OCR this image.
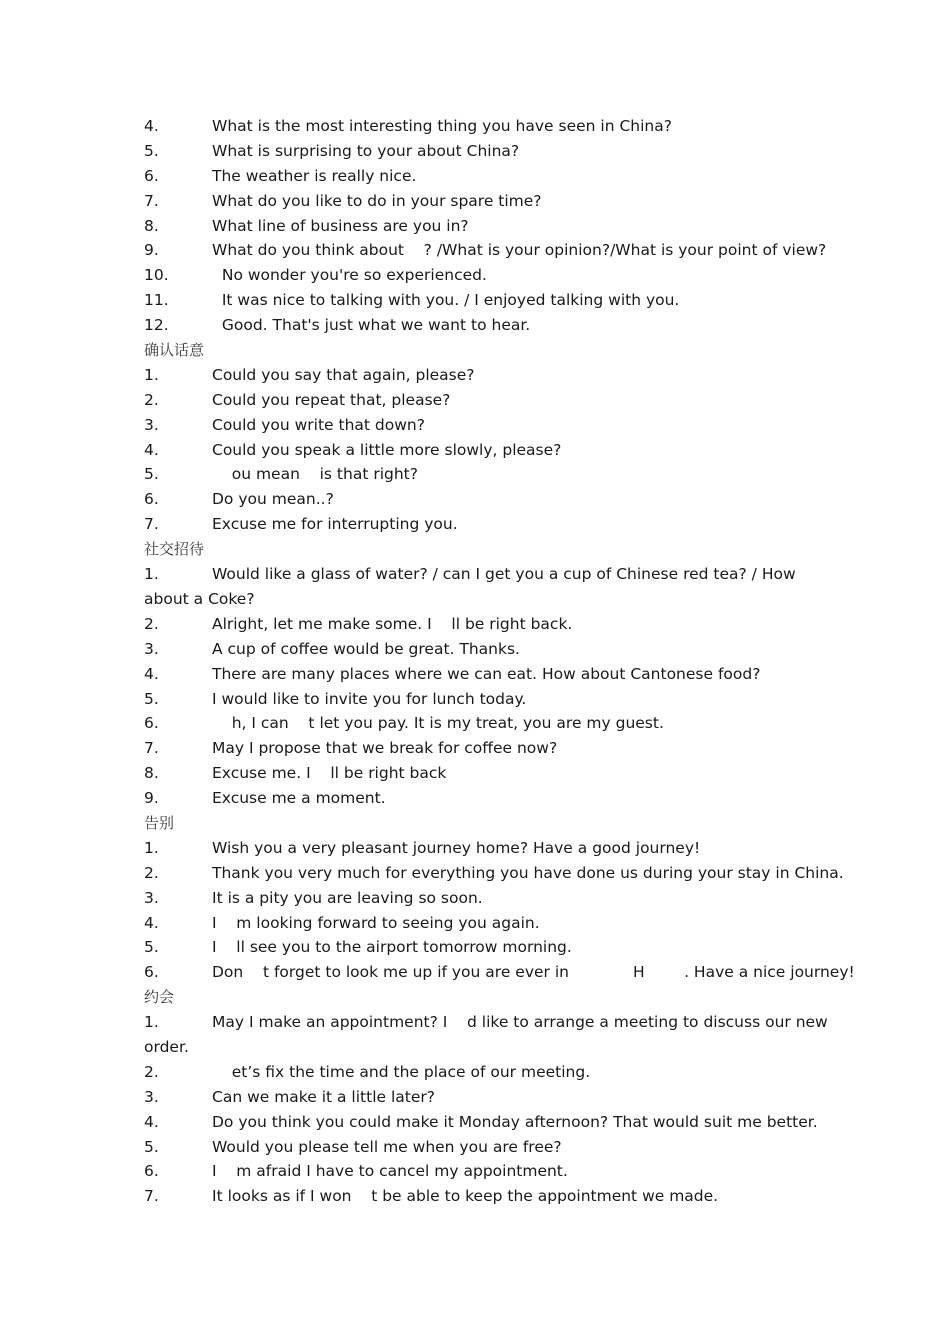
4.	What is the most interesting thing you have seen in China?
5.	What is surprising to your about China?
6.	The weather is really nice.
7.	What do you like to do in your spare time?
8.	What line of business are you in?
9.	What do you think about    ? /What is your opinion?/What is your point of view?
10.	No wonder you're so experienced.
11.	It was nice to talking with you. / I enjoyed talking with you.
12.	Good. That's just what we want to hear.
确认话意
1.	Could you say that again, please?
2.	Could you repeat that, please?
3.	Could you write that down?
4.	Could you speak a little more slowly, please?
5.	ou mean    is that right?
6.	Do you mean..?
7.	Excuse me for interrupting you.
社交招待
1.	Would like a glass of water? / can I get you a cup of Chinese red tea? / How about a Coke?
2.	Alright, let me make some. I    ll be right back.
3.	A cup of coffee would be great. Thanks.
4.	There are many places where we can eat. How about Cantonese food?
5.	I would like to invite you for lunch today.
6.	h, I can    t let you pay. It is my treat, you are my guest.
7.	May I propose that we break for coffee now?
8.	Excuse me. I    ll be right back
9.	Excuse me a moment.
告别
1.	Wish you a very pleasant journey home? Have a good journey!
2.	Thank you very much for everything you have done us during your stay in China.
3.	It is a pity you are leaving so soon.
4.	I    m looking forward to seeing you again.
5.	I    ll see you to the airport tomorrow morning.
6.	Don    t forget to look me up if you are ever in             H        . Have a nice journey!
约会
1.	May I make an appointment? I    d like to arrange a meeting to discuss our new order.
2.	et’s fix the time and the place of our meeting.
3.	Can we make it a little later?
4.	Do you think you could make it Monday afternoon? That would suit me better.
5.	Would you please tell me when you are free?
6.	I    m afraid I have to cancel my appointment.
7.	It looks as if I won    t be able to keep the appointment we made.
